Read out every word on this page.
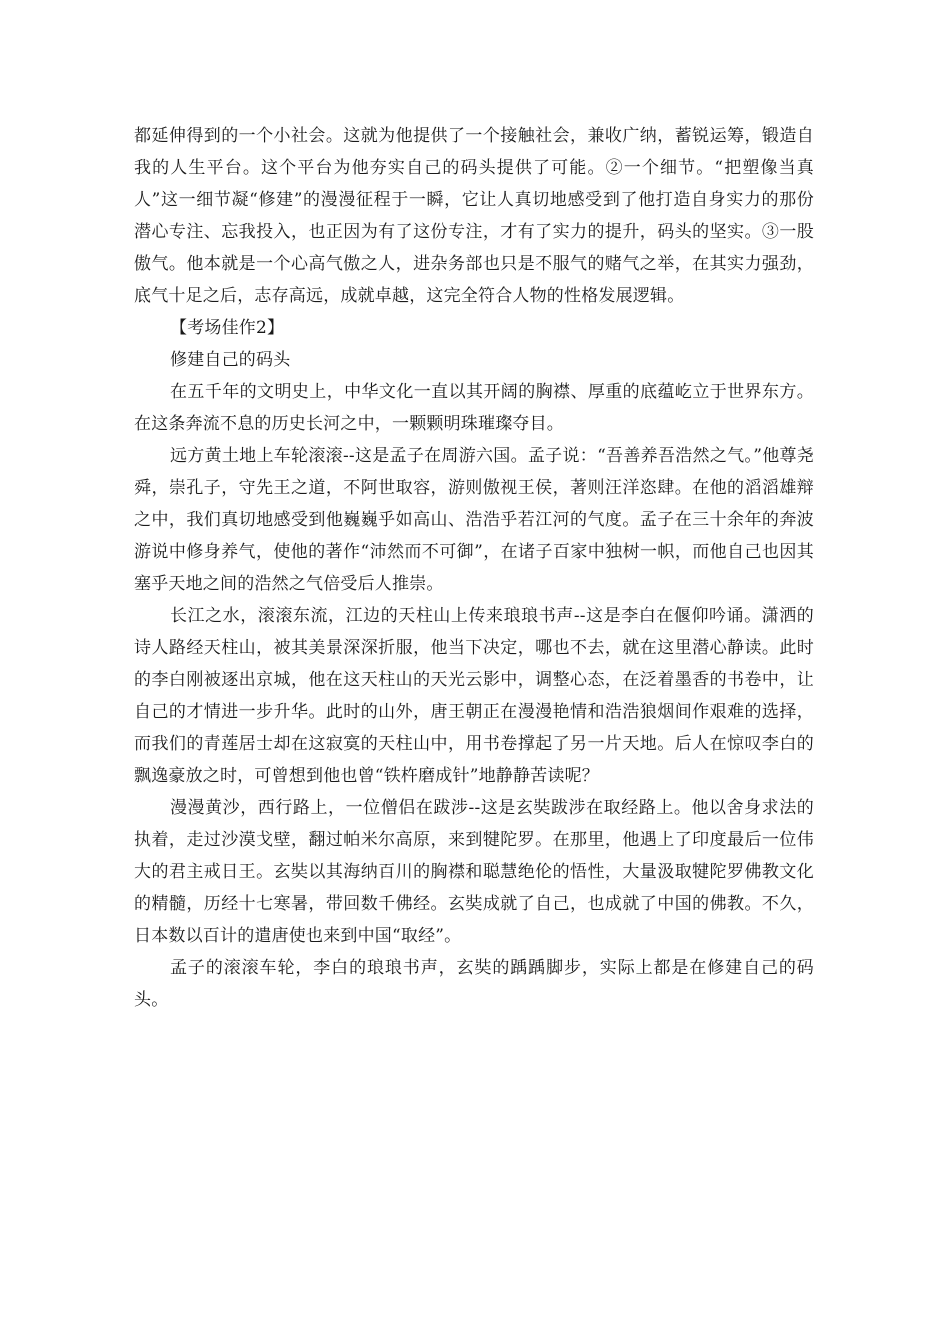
都延伸得到的一个小社会。这就为他提供了一个接触社会，兼收广纳，蓄锐运筹，锻造自我的人生平台。这个平台为他夯实自己的码头提供了可能。②一个细节。“把塑像当真人”这一细节凝“修建”的漫漫征程于一瞬，它让人真切地感受到了他打造自身实力的那份潜心专注、忘我投入，也正因为有了这份专注，才有了实力的提升，码头的坚实。③一股傲气。他本就是一个心高气傲之人，进杂务部也只是不服气的赌气之举，在其实力强劲，底气十足之后，志存高远，成就卓越，这完全符合人物的性格发展逻辑。

【考场佳作2】

修建自己的码头

在五千年的文明史上，中华文化一直以其开阔的胸襟、厚重的底蕴屹立于世界东方。在这条奔流不息的历史长河之中，一颗颗明珠璀璨夺目。

远方黄土地上车轮滚滚--这是孟子在周游六国。孟子说：“吾善养吾浩然之气。”他尊尧舜，崇孔子，守先王之道，不阿世取容，游则傲视王侯，著则汪洋恣肆。在他的滔滔雄辩之中，我们真切地感受到他巍巍乎如高山、浩浩乎若江河的气度。孟子在三十余年的奔波游说中修身养气，使他的著作“沛然而不可御”，在诸子百家中独树一帜，而他自己也因其塞乎天地之间的浩然之气倍受后人推崇。

长江之水，滚滚东流，江边的天柱山上传来琅琅书声--这是李白在偃仰吟诵。潇洒的诗人路经天柱山，被其美景深深折服，他当下决定，哪也不去，就在这里潜心静读。此时的李白刚被逐出京城，他在这天柱山的天光云影中，调整心态，在泛着墨香的书卷中，让自己的才情进一步升华。此时的山外，唐王朝正在漫漫艳情和浩浩狼烟间作艰难的选择，而我们的青莲居士却在这寂寞的天柱山中，用书卷撑起了另一片天地。后人在惊叹李白的飘逸豪放之时，可曾想到他也曾“铁杵磨成针”地静静苦读呢？

漫漫黄沙，西行路上，一位僧侣在跋涉--这是玄奘跋涉在取经路上。他以舍身求法的执着，走过沙漠戈壁，翻过帕米尔高原，来到犍陀罗。在那里，他遇上了印度最后一位伟大的君主戒日王。玄奘以其海纳百川的胸襟和聪慧绝伦的悟性，大量汲取犍陀罗佛教文化的精髓，历经十七寒暑，带回数千佛经。玄奘成就了自己，也成就了中国的佛教。不久，日本数以百计的遣唐使也来到中国“取经”。

孟子的滚滚车轮，李白的琅琅书声，玄奘的踽踽脚步，实际上都是在修建自己的码头。
